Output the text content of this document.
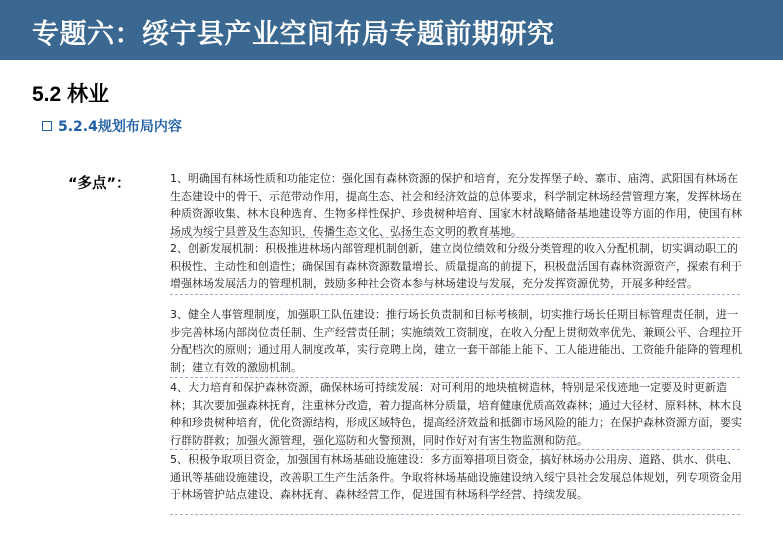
专题六：绥宁县产业空间布局专题前期研究
5.2 林业
5.2.4规划布局内容
“多点”：	1、明确国有林场性质和功能定位：强化国有森林资源的保护和培育，充分发挥堡子岭、寨市、庙湾、武阳国有林场在生态建设中的骨干、示范带动作用，提高生态、社会和经济效益的总体要求，科学制定林场经营管理方案，发挥林场在种质资源收集、林木良种选育、生物多样性保护、珍贵树种培育、国家木材战略储备基地建设等方面的作用，使国有林场成为绥宁县普及生态知识，传播生态文化、弘扬生态文明的教育基地。
2、创新发展机制：积极推进林场内部管理机制创新，建立岗位绩效和分级分类管理的收入分配机制，切实调动职工的积极性、主动性和创造性；确保国有森林资源数量增长、质量提高的前提下，积极盘活国有森林资源资产，探索有利于增强林场发展活力的管理机制，鼓励多种社会资本参与林场建设与发展，充分发挥资源优势，开展多种经营。
3、健全人事管理制度，加强职工队伍建设：推行场长负责制和目标考核制，切实推行场长任期目标管理责任制，进一步完善林场内部岗位责任制、生产经营责任制；实施绩效工资制度，在收入分配上贯彻效率优先、兼顾公平、合理拉开分配档次的原则；通过用人制度改革，实行竞聘上岗，建立一套干部能上能下、工人能进能出、工资能升能降的管理机制；建立有效的激励机制。
4、大力培育和保护森林资源，确保林场可持续发展：对可利用的地块植树造林，特别是采伐迹地一定要及时更新造林；其次要加强森林抚育，注重林分改造，着力提高林分质量，培育健康优质高效森林；通过大径材、原料林、林木良种和珍贵树种培育，优化资源结构，形成区域特色，提高经济效益和抵御市场风险的能力；在保护森林资源方面，要实行群防群救；加强火源管理，强化巡防和火警预测，同时作好对有害生物监测和防范。
5、积极争取项目资金，加强国有林场基础设施建设：多方面筹措项目资金，搞好林场办公用房、道路、供水、供电、通讯等基础设施建设，改善职工生产生活条件。争取将林场基础设施建设纳入绥宁县社会发展总体规划，列专项资金用于林场管护站点建设、森林抚育、森林经营工作，促进国有林场科学经营、持续发展。
